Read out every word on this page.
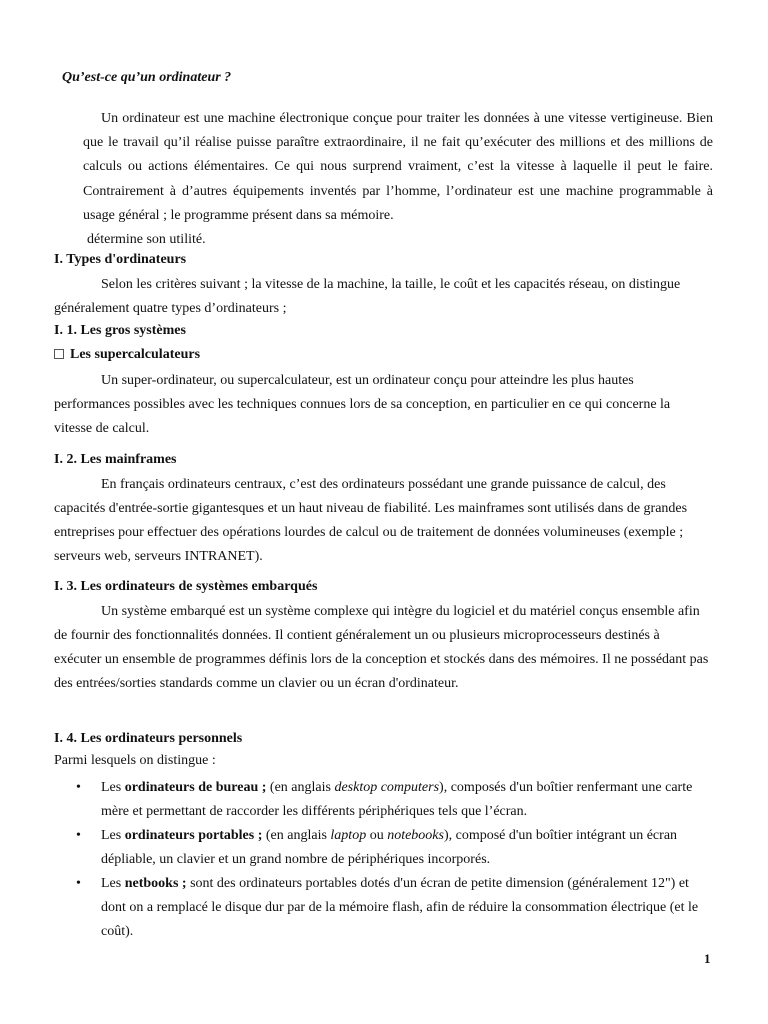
Qu’est-ce qu’un ordinateur ?
Un ordinateur est une machine électronique conçue pour traiter les données à une vitesse vertigineuse. Bien que le travail qu’il réalise puisse paraître extraordinaire, il ne fait qu’exécuter des millions et des millions de calculs ou actions élémentaires. Ce qui nous surprend vraiment, c’est la vitesse à laquelle il peut le faire. Contrairement à d’autres équipements inventés par l’homme, l’ordinateur est une machine programmable à usage général ; le programme présent dans sa mémoire.
détermine son utilité.
I. Types d'ordinateurs
Selon les critères suivant ; la vitesse de la machine, la taille, le coût et les capacités réseau, on distingue généralement quatre types d’ordinateurs ;
I. 1. Les gros systèmes
Les supercalculateurs
Un super-ordinateur, ou supercalculateur, est un ordinateur conçu pour atteindre les plus hautes performances possibles avec les techniques connues lors de sa conception, en particulier en ce qui concerne la vitesse de calcul.
I. 2. Les mainframes
En français ordinateurs centraux, c’est des ordinateurs possédant une grande puissance de calcul, des capacités d'entrée-sortie gigantesques et un haut niveau de fiabilité. Les mainframes sont utilisés dans de grandes entreprises pour effectuer des opérations lourdes de calcul ou de traitement de données volumineuses (exemple ; serveurs web, serveurs INTRANET).
I. 3. Les ordinateurs de systèmes embarqués
Un système embarqué est un système complexe qui intègre du logiciel et du matériel conçus ensemble afin de fournir des fonctionnalités données. Il contient généralement un ou plusieurs microprocesseurs destinés à exécuter un ensemble de programmes définis lors de la conception et stockés dans des mémoires. Il ne possédant pas des entrées/sorties standards comme un clavier ou un écran d'ordinateur.
I. 4. Les ordinateurs personnels
Parmi lesquels on distingue :
• Les ordinateurs de bureau ; (en anglais desktop computers), composés d'un boîtier renfermant une carte mère et permettant de raccorder les différents périphériques tels que l’écran.
• Les ordinateurs portables ; (en anglais laptop ou notebooks), composé d'un boîtier intégrant un écran dépliable, un clavier et un grand nombre de périphériques incorporés.
• Les netbooks ; sont des ordinateurs portables dotés d'un écran de petite dimension (généralement 12") et dont on a remplacé le disque dur par de la mémoire flash, afin de réduire la consommation électrique (et le coût).
1
